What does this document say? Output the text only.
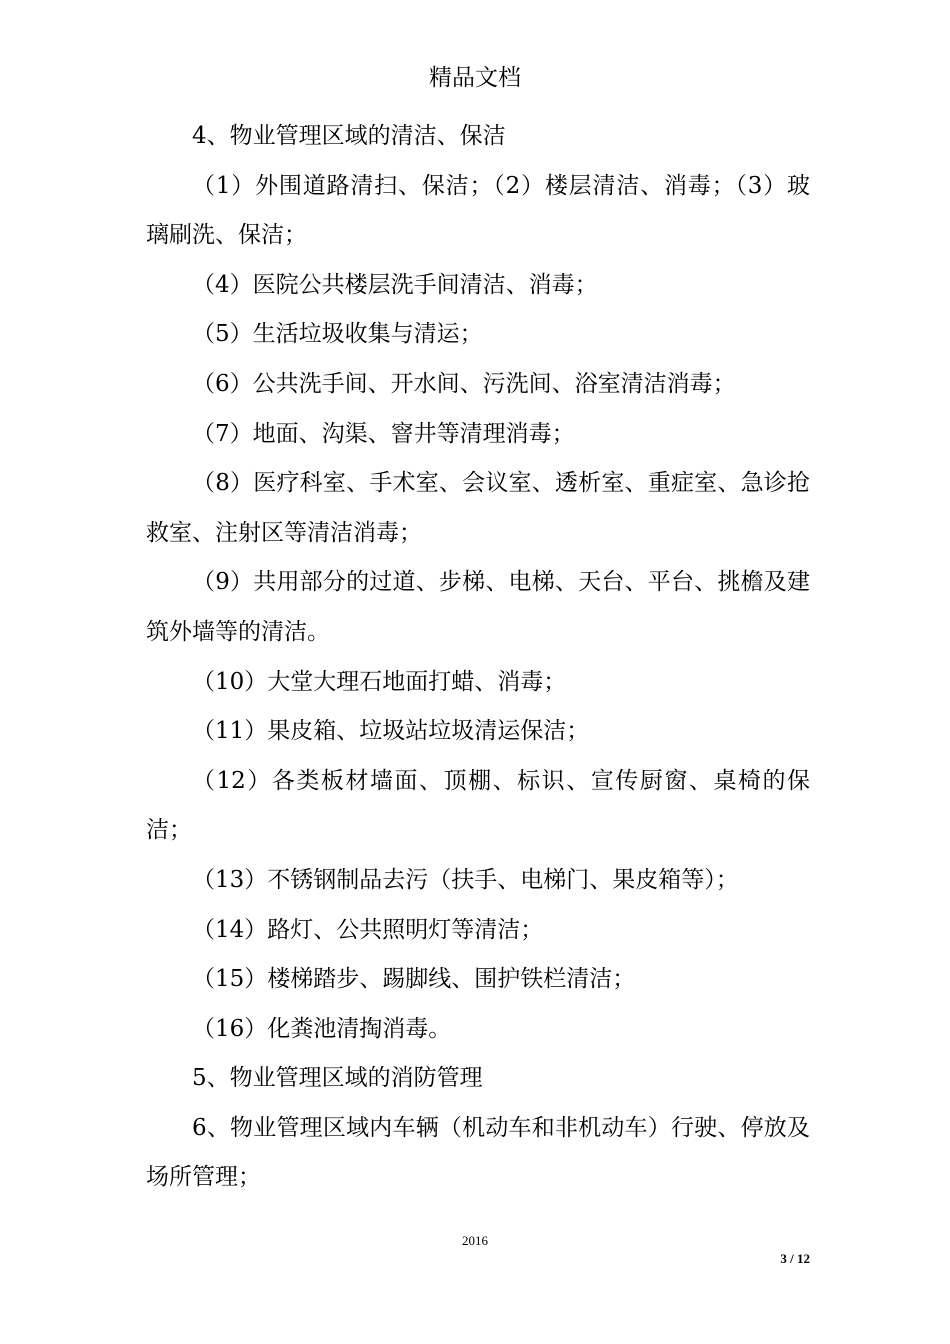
精品文档

4、物业管理区域的清洁、保洁

（1）外围道路清扫、保洁；（2）楼层清洁、消毒；（3）玻璃刷洗、保洁；

（4）医院公共楼层洗手间清洁、消毒；

（5）生活垃圾收集与清运；

（6）公共洗手间、开水间、污洗间、浴室清洁消毒；

（7）地面、沟渠、窨井等清理消毒；

（8）医疗科室、手术室、会议室、透析室、重症室、急诊抢救室、注射区等清洁消毒；

（9）共用部分的过道、步梯、电梯、天台、平台、挑檐及建筑外墙等的清洁。

（10）大堂大理石地面打蜡、消毒；

（11）果皮箱、垃圾站垃圾清运保洁；

（12）各类板材墙面、顶棚、标识、宣传厨窗、桌椅的保洁；

（13）不锈钢制品去污（扶手、电梯门、果皮箱等）；

（14）路灯、公共照明灯等清洁；

（15）楼梯踏步、踢脚线、围护铁栏清洁；

（16）化粪池清掏消毒。

5、物业管理区域的消防管理

6、物业管理区域内车辆（机动车和非机动车）行驶、停放及场所管理；

2016
3 / 12
